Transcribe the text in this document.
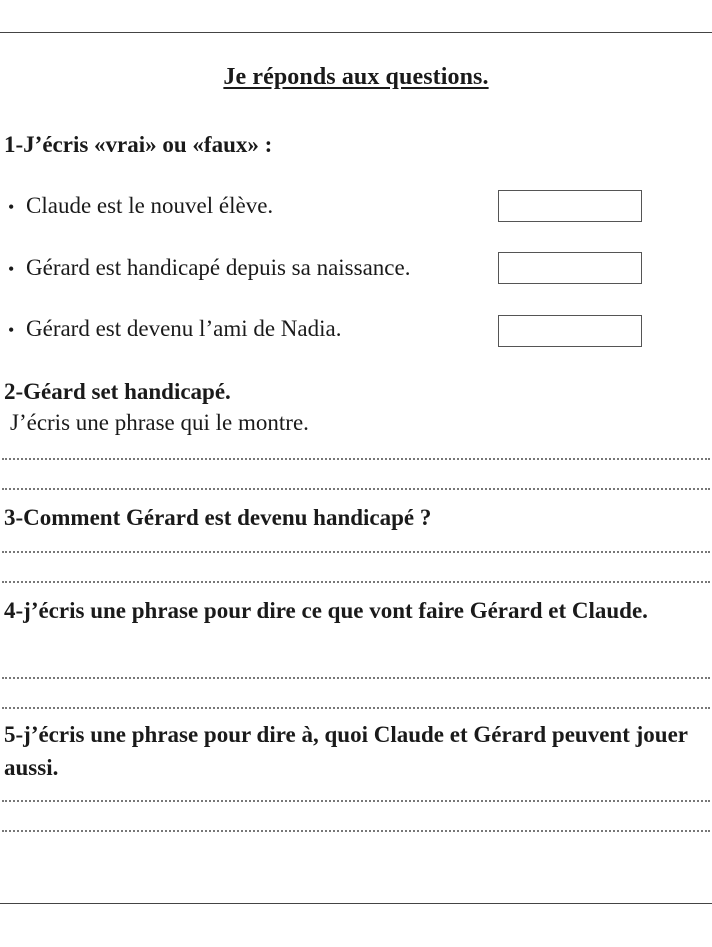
Je réponds aux questions.
1-J’écris «vrai» ou «faux» :
• Claude est le nouvel élève.
• Gérard est handicapé depuis sa naissance.
• Gérard est devenu l’ami de Nadia.
2-Géard set handicapé.
J’écris une phrase qui le montre.
3-Comment Gérard est devenu handicapé ?
4-j’écris une phrase pour dire ce que vont faire Gérard et Claude.
5-j’écris une phrase pour dire à, quoi Claude et Gérard peuvent jouer aussi.
